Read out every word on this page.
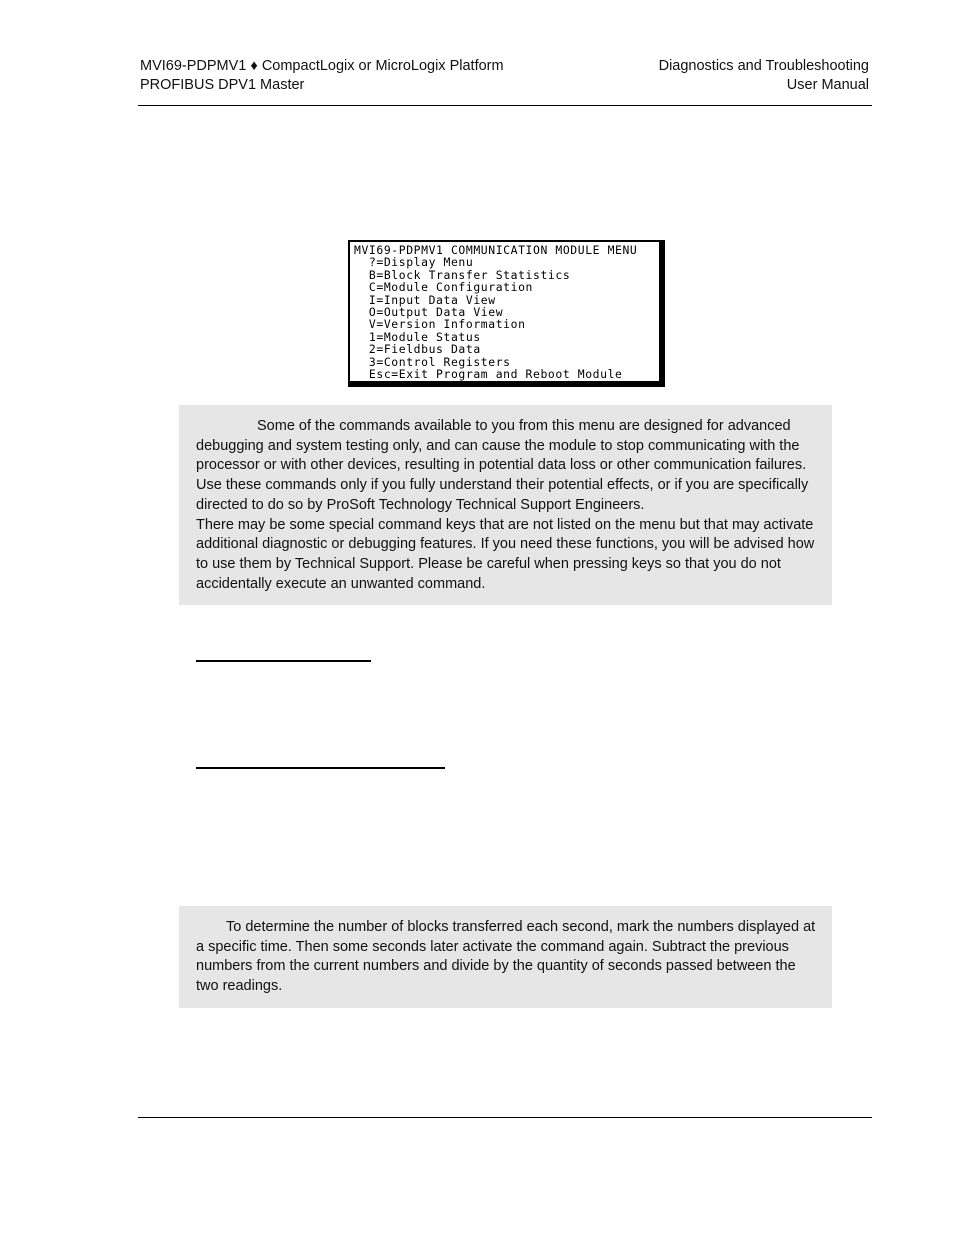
MVI69-PDPMV1 ♦ CompactLogix or MicroLogix Platform
PROFIBUS DPV1 Master
Diagnostics and Troubleshooting
User Manual
MVI69-PDPMV1 COMMUNICATION MODULE MENU
?=Display Menu
B=Block Transfer Statistics
C=Module Configuration
I=Input Data View
O=Output Data View
V=Version Information
1=Module Status
2=Fieldbus Data
3=Control Registers
Esc=Exit Program and Reboot Module

Some of the commands available to you from this menu are designed for advanced debugging and system testing only, and can cause the module to stop communicating with the processor or with other devices, resulting in potential data loss or other communication failures. Use these commands only if you fully understand their potential effects, or if you are specifically directed to do so by ProSoft Technology Technical Support Engineers.

There may be some special command keys that are not listed on the menu but that may activate additional diagnostic or debugging features. If you need these functions, you will be advised how to use them by Technical Support. Please be careful when pressing keys so that you do not accidentally execute an unwanted command.

To determine the number of blocks transferred each second, mark the numbers displayed at a specific time. Then some seconds later activate the command again. Subtract the previous numbers from the current numbers and divide by the quantity of seconds passed between the two readings.
